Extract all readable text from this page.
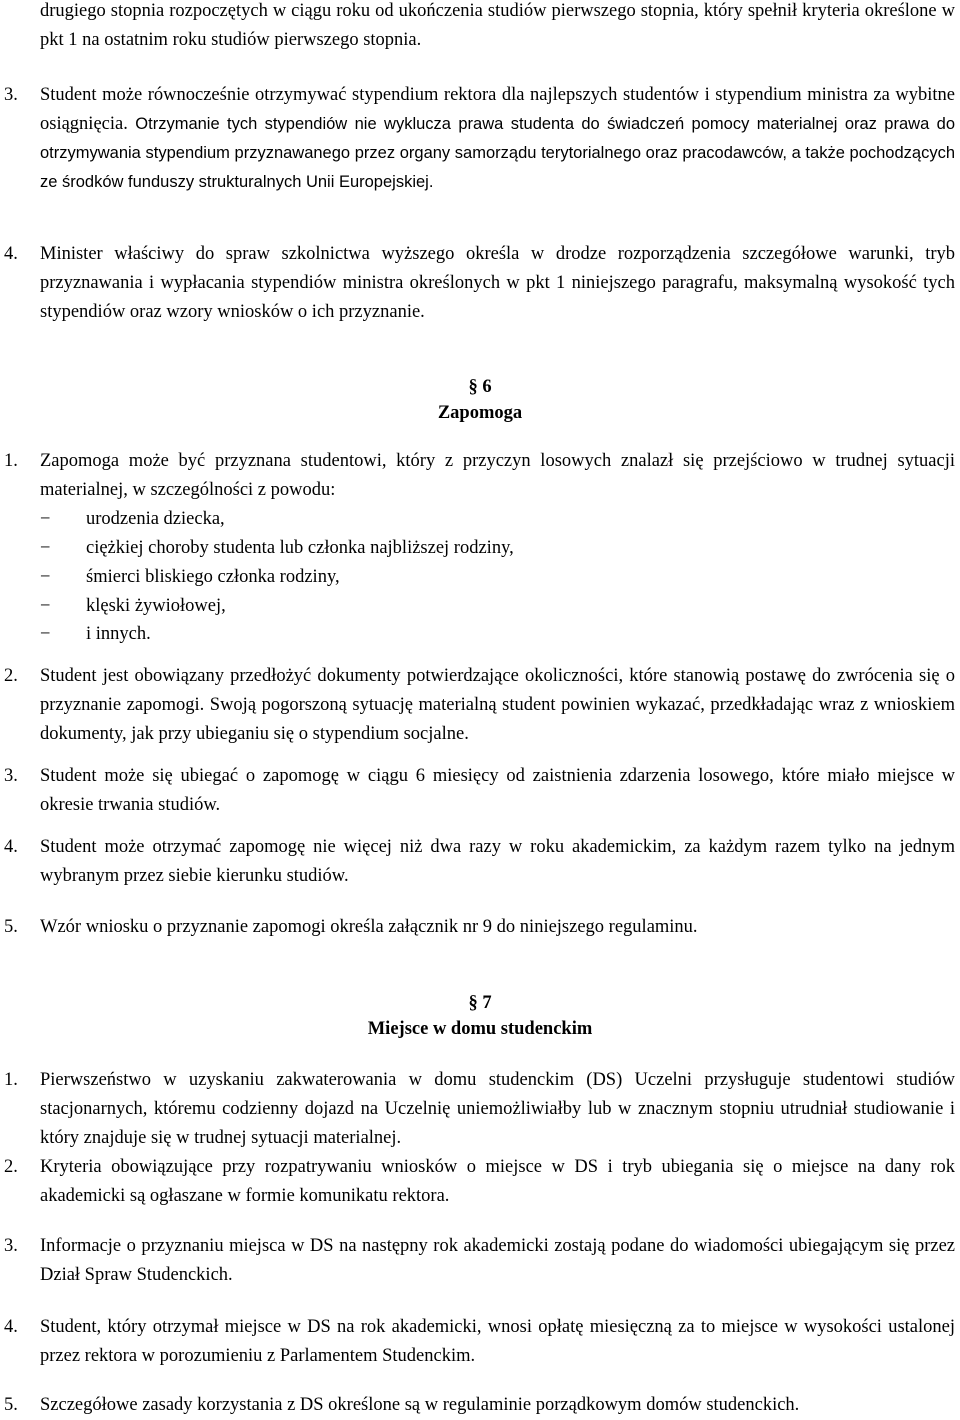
drugiego stopnia rozpoczętych w ciągu roku od ukończenia studiów pierwszego stopnia, który spełnił kryteria określone w pkt 1 na ostatnim roku studiów pierwszego stopnia.
3.	Student może równocześnie otrzymywać stypendium rektora dla najlepszych studentów i stypendium ministra za wybitne osiągnięcia. Otrzymanie tych stypendiów nie wyklucza prawa studenta do świadczeń pomocy materialnej oraz prawa do otrzymywania stypendium przyznawanego przez organy samorządu terytorialnego oraz pracodawców, a także pochodzących ze środków funduszy strukturalnych Unii Europejskiej.
4.	Minister właściwy do spraw szkolnictwa wyższego określa w drodze rozporządzenia szczegółowe warunki, tryb przyznawania i wypłacania stypendiów ministra określonych w pkt 1 niniejszego paragrafu, maksymalną wysokość tych stypendiów oraz wzory wniosków o ich przyznanie.
§ 6
Zapomoga
1.	Zapomoga może być przyznana studentowi, który z przyczyn losowych znalazł się przejściowo w trudnej sytuacji materialnej, w szczególności z powodu:
−	urodzenia dziecka,
−	ciężkiej choroby studenta lub członka najbliższej rodziny,
−	śmierci bliskiego członka rodziny,
−	klęski żywiołowej,
−	i innych.
2.	Student jest obowiązany przedłożyć dokumenty potwierdzające okoliczności, które stanowią postawę do zwrócenia się o przyznanie zapomogi. Swoją pogorszoną sytuację materialną student powinien wykazać, przedkładając wraz z wnioskiem dokumenty, jak przy ubieganiu się o stypendium socjalne.
3.	Student może się ubiegać o zapomogę w ciągu 6 miesięcy od zaistnienia zdarzenia losowego, które miało miejsce w okresie trwania studiów.
4.	Student może otrzymać zapomogę nie więcej niż dwa razy w roku akademickim, za każdym razem tylko na jednym wybranym przez siebie kierunku studiów.
5.	Wzór wniosku o przyznanie zapomogi określa załącznik nr 9 do niniejszego regulaminu.
§ 7
Miejsce w domu studenckim
1.	Pierwszeństwo w uzyskaniu zakwaterowania w domu studenckim (DS) Uczelni przysługuje studentowi studiów stacjonarnych, któremu codzienny dojazd na Uczelnię uniemożliwiałby lub w znacznym stopniu utrudniał studiowanie i który znajduje się w trudnej sytuacji materialnej.
2.	Kryteria obowiązujące przy rozpatrywaniu wniosków o miejsce w DS i tryb ubiegania się o miejsce na dany rok akademicki są ogłaszane w formie komunikatu rektora.
3.	Informacje o przyznaniu miejsca w DS na następny rok akademicki zostają podane do wiadomości ubiegającym się przez Dział Spraw Studenckich.
4.	Student, który otrzymał miejsce w DS na rok akademicki, wnosi opłatę miesięczną za to miejsce w wysokości ustalonej przez rektora w porozumieniu z Parlamentem Studenckim.
5.	Szczegółowe zasady korzystania z DS określone są w regulaminie porządkowym domów studenckich.
